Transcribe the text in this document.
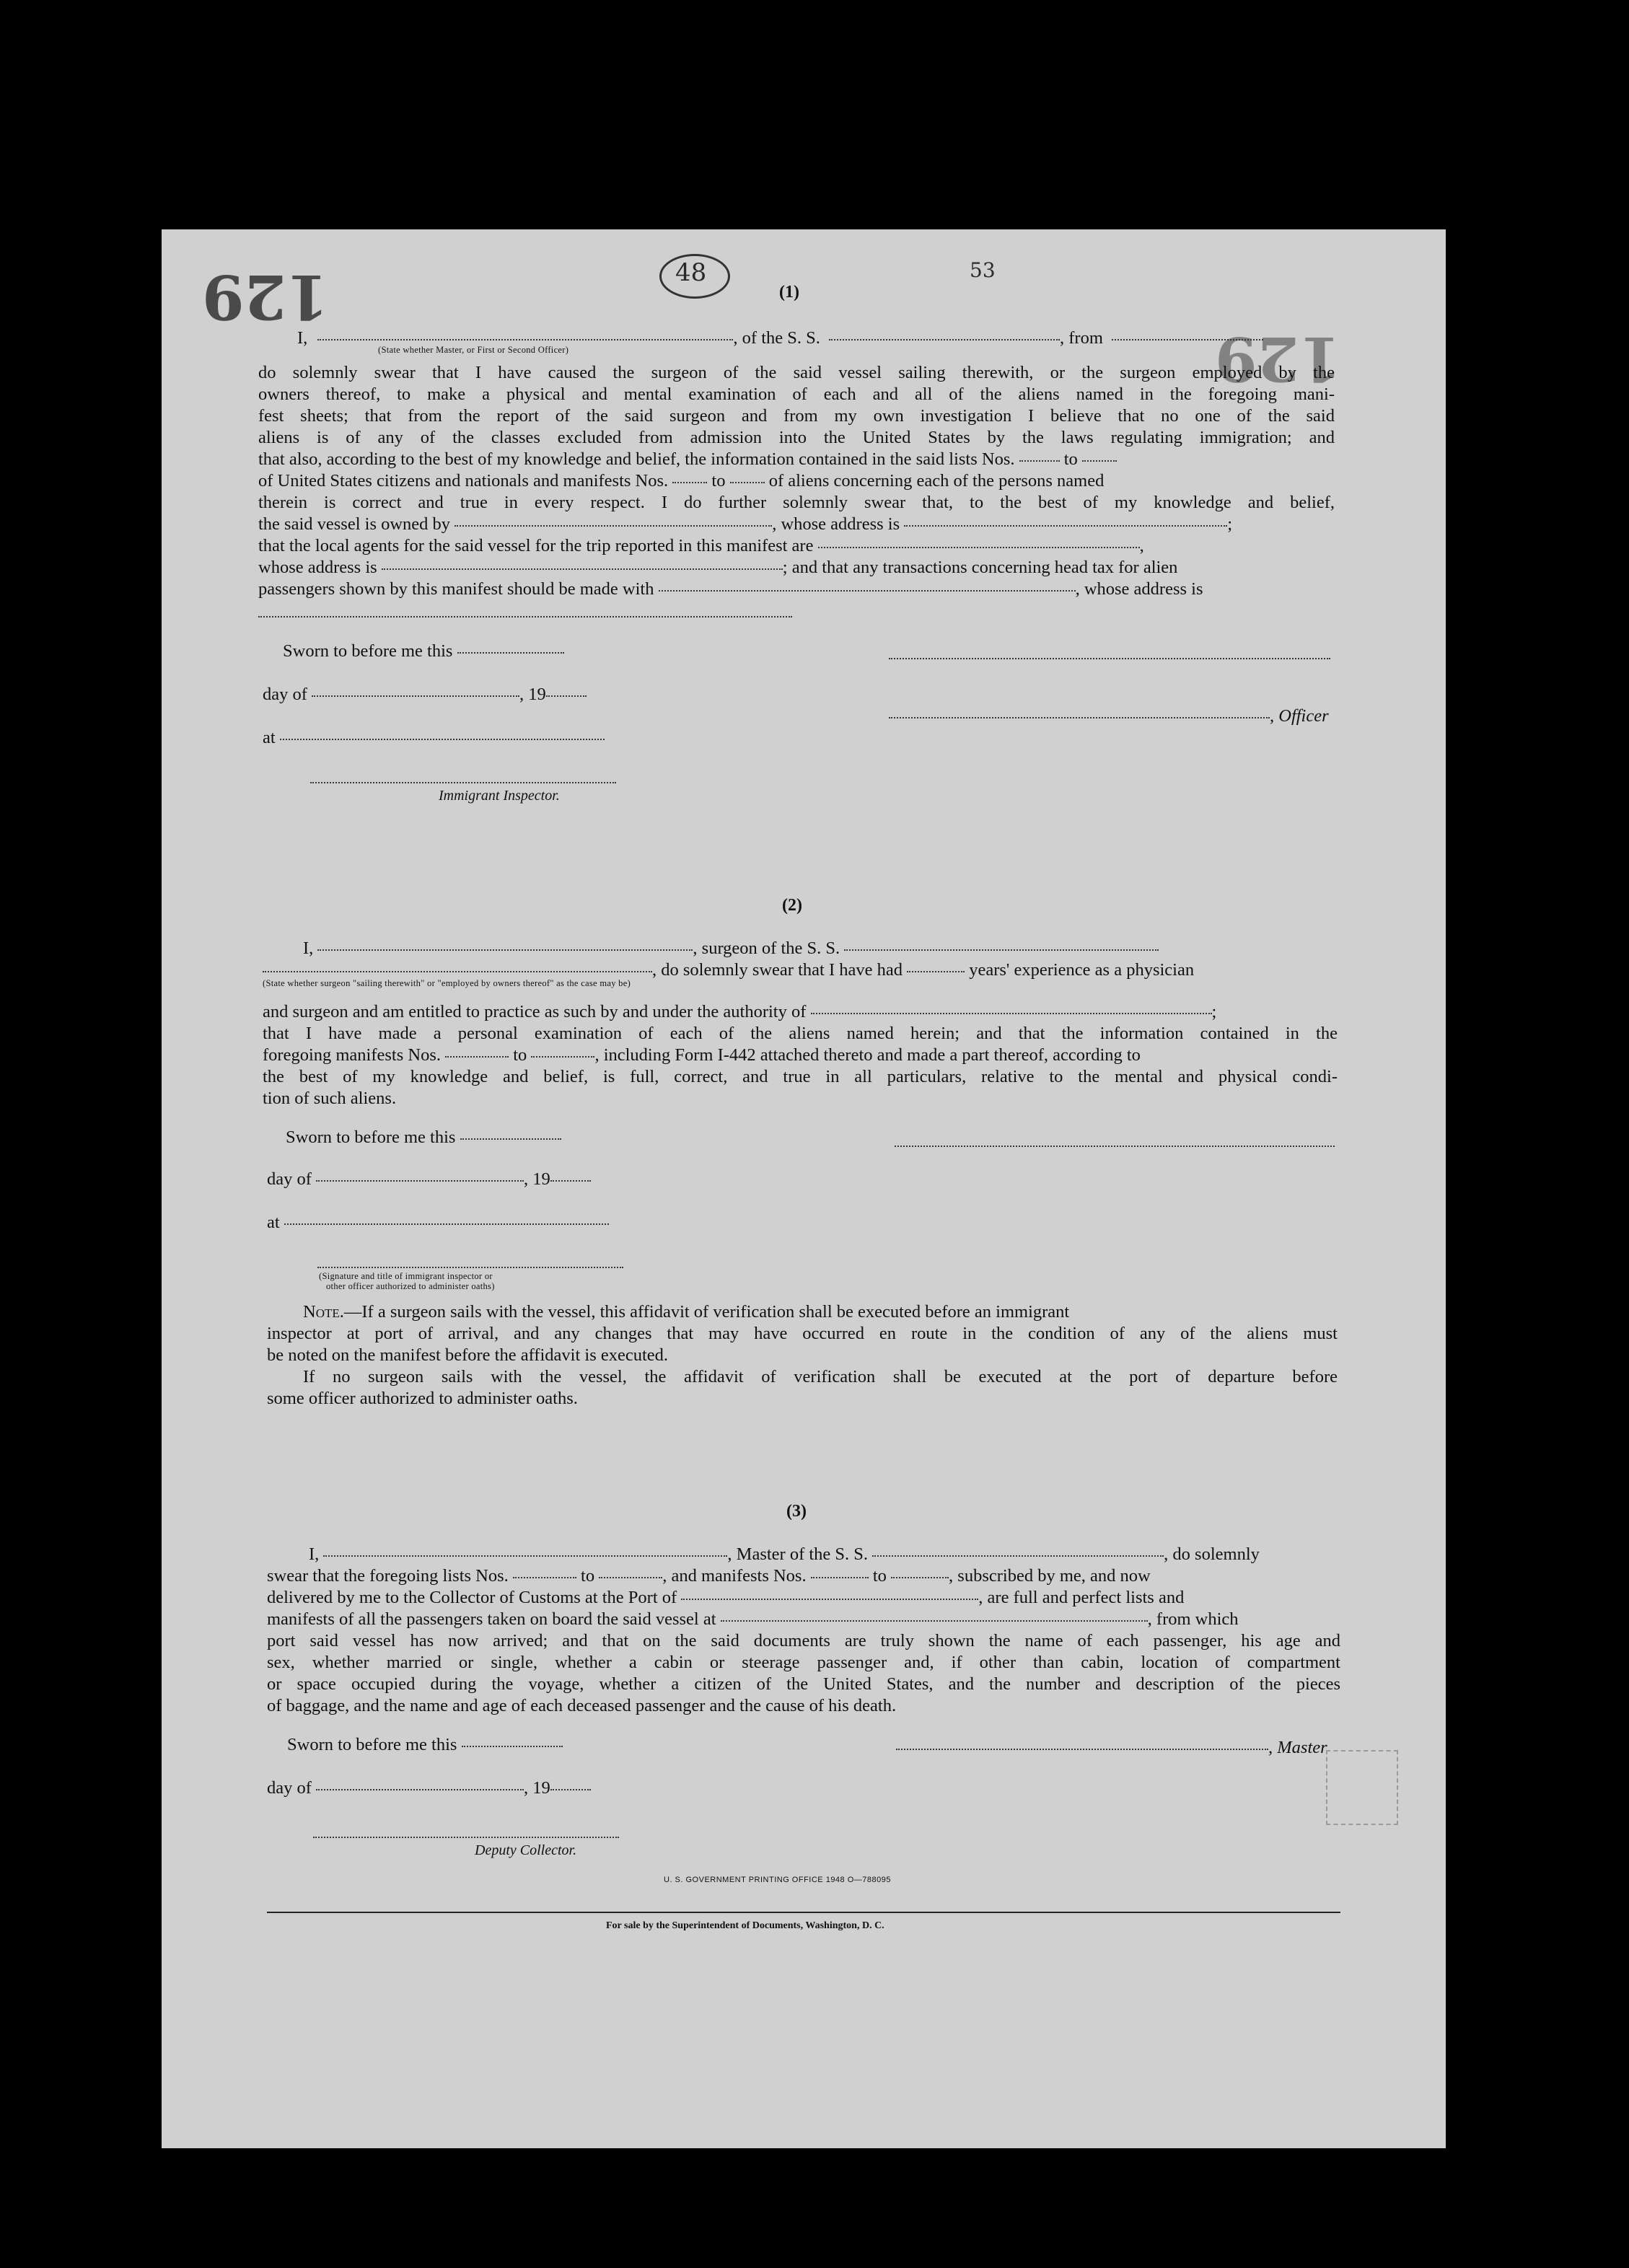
129
129
48	53
(1)
I,	, of the S. S.	, from
(State whether Master, or First or Second Officer)
do solemnly swear that I have caused the surgeon of the said vessel sailing therewith, or the surgeon employed by the
owners thereof, to make a physical and mental examination of each and all of the aliens named in the foregoing mani-
fest sheets; that from the report of the said surgeon and from my own investigation I believe that no one of the said
aliens is of any of the classes excluded from admission into the United States by the laws regulating immigration; and
that also, according to the best of my knowledge and belief, the information contained in the said lists Nos.	to
of United States citizens and nationals and manifests Nos. to of aliens concerning each of the persons named
therein is correct and true in every respect. I do further solemnly swear that, to the best of my knowledge and belief,
the said vessel is owned by	, whose address is	;
that the local agents for the said vessel for the trip reported in this manifest are	,
whose address is	; and that any transactions concerning head tax for alien
passengers shown by this manifest should be made with	, whose address is
Sworn to before me this
day of	, 19
, Officer
at
Immigrant Inspector.
(2)
I,	, surgeon of the S. S.
, do solemnly swear that I have had	years' experience as a physician
(State whether surgeon "sailing therewith" or "employed by owners thereof" as the case may be)
and surgeon and am entitled to practice as such by and under the authority of	;
that I have made a personal examination of each of the aliens named herein; and that the information contained in the
foregoing manifests Nos.	to	, including Form I-442 attached thereto and made a part thereof, according to
the best of my knowledge and belief, is full, correct, and true in all particulars, relative to the mental and physical condi-
tion of such aliens.
Sworn to before me this
day of	, 19
at
(Signature and title of immigrant inspector or
other officer authorized to administer oaths)
Note.—If a surgeon sails with the vessel, this affidavit of verification shall be executed before an immigrant
inspector at port of arrival, and any changes that may have occurred en route in the condition of any of the aliens must
be noted on the manifest before the affidavit is executed.
If no surgeon sails with the vessel, the affidavit of verification shall be executed at the port of departure before
some officer authorized to administer oaths.
(3)
I,	, Master of the S. S.	, do solemnly
swear that the foregoing lists Nos.	to	, and manifests Nos.	to	, subscribed by me, and now
delivered by me to the Collector of Customs at the Port of	, are full and perfect lists and
manifests of all the passengers taken on board the said vessel at	, from which
port said vessel has now arrived; and that on the said documents are truly shown the name of each passenger, his age and
sex, whether married or single, whether a cabin or steerage passenger and, if other than cabin, location of compartment
or space occupied during the voyage, whether a citizen of the United States, and the number and description of the pieces
of baggage, and the name and age of each deceased passenger and the cause of his death.
Sworn to before me this	, Master
day of	, 19
Deputy Collector.
U. S. GOVERNMENT PRINTING OFFICE 1948 O—788095
For sale by the Superintendent of Documents, Washington, D. C.
